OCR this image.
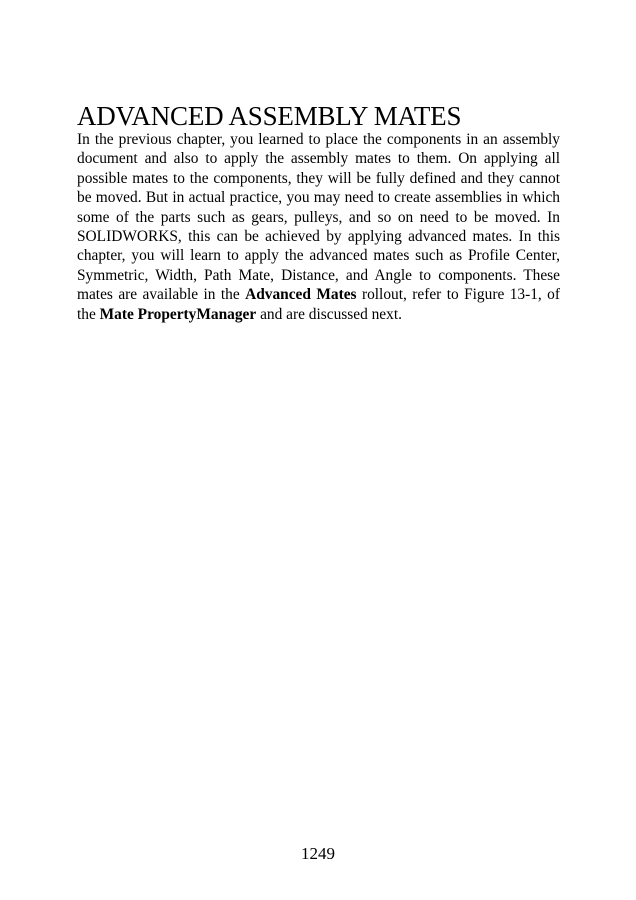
ADVANCED ASSEMBLY MATES

In the previous chapter, you learned to place the components in an assembly document and also to apply the assembly mates to them. On applying all possible mates to the components, they will be fully defined and they cannot be moved. But in actual practice, you may need to create assemblies in which some of the parts such as gears, pulleys, and so on need to be moved. In SOLIDWORKS, this can be achieved by applying advanced mates. In this chapter, you will learn to apply the advanced mates such as Profile Center, Symmetric, Width, Path Mate, Distance, and Angle to components. These mates are available in the Advanced Mates rollout, refer to Figure 13-1, of the Mate PropertyManager and are discussed next.

1249
